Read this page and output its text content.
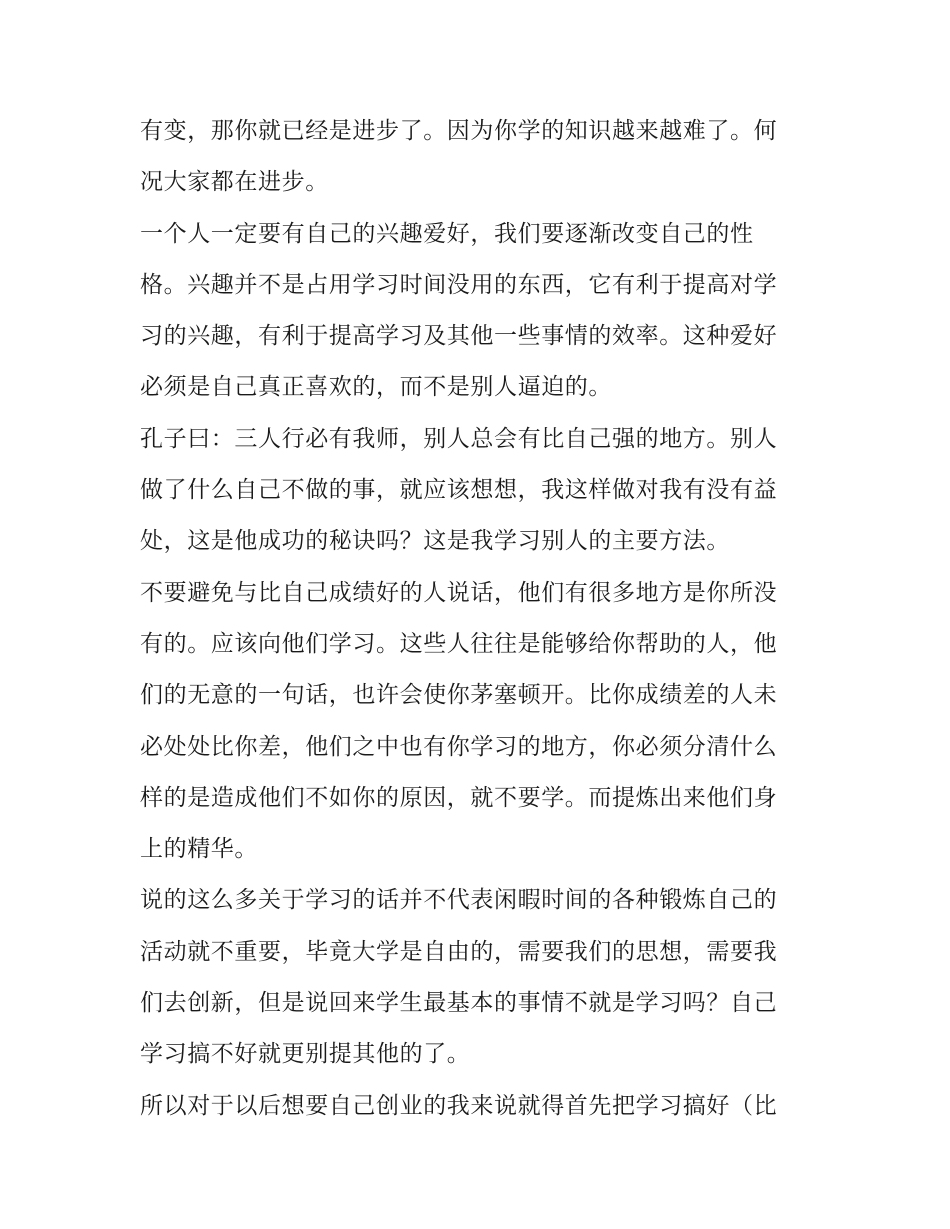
有变，那你就已经是进步了。因为你学的知识越来越难了。何
况大家都在进步。
一个人一定要有自己的兴趣爱好，我们要逐渐改变自己的性
格。兴趣并不是占用学习时间没用的东西，它有利于提高对学
习的兴趣，有利于提高学习及其他一些事情的效率。这种爱好
必须是自己真正喜欢的，而不是别人逼迫的。
孔子曰：三人行必有我师，别人总会有比自己强的地方。别人
做了什么自己不做的事，就应该想想，我这样做对我有没有益
处，这是他成功的秘诀吗？这是我学习别人的主要方法。
不要避免与比自己成绩好的人说话，他们有很多地方是你所没
有的。应该向他们学习。这些人往往是能够给你帮助的人，他
们的无意的一句话，也许会使你茅塞顿开。比你成绩差的人未
必处处比你差，他们之中也有你学习的地方，你必须分清什么
样的是造成他们不如你的原因，就不要学。而提炼出来他们身
上的精华。
说的这么多关于学习的话并不代表闲暇时间的各种锻炼自己的
活动就不重要，毕竟大学是自由的，需要我们的思想，需要我
们去创新，但是说回来学生最基本的事情不就是学习吗？自己
学习搞不好就更别提其他的了。
所以对于以后想要自己创业的我来说就得首先把学习搞好（比
